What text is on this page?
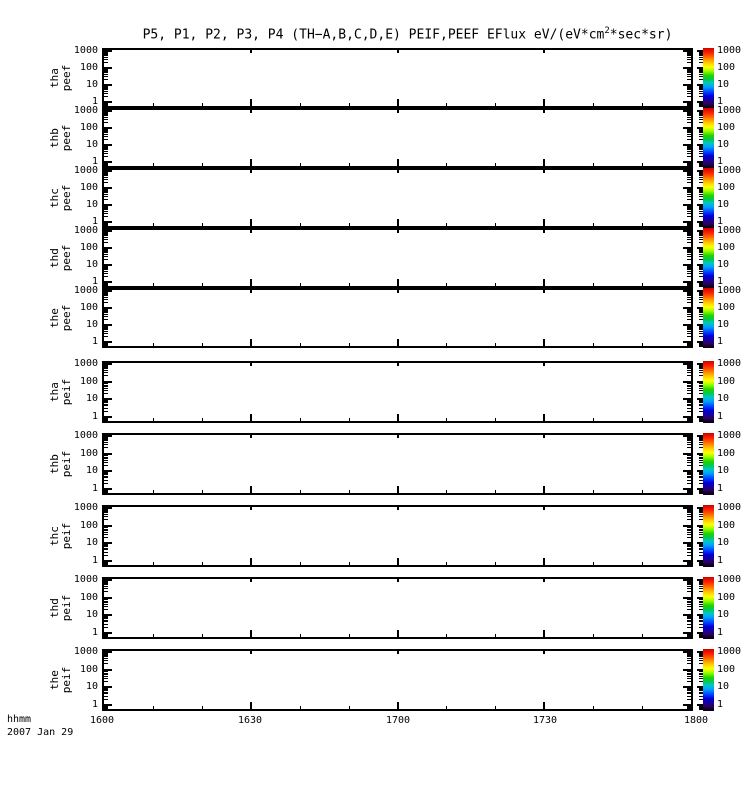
P5, P1, P2, P3, P4 (TH−A,B,C,D,E) PEIF,PEEF EFlux $eV/(eV*cm^2*\sec*sr)$
tha peef
1000
100
10
1
1000
100
10
1
thb peef
1000
100
10
1
1000
100
10
1
thc peef
1000
100
10
1
1000
100
10
1
thd peef
1000
100
10
1
1000
100
10
1
the peef
1000
100
10
1
1000
100
10
1
tha peif
1000
100
10
1
1000
100
10
1
thb peif
1000
100
10
1
1000
100
10
1
thc peif
1000
100
10
1
1000
100
10
1
thd peif
1000
100
10
1
1000
100
10
1
the peif
1000
100
10
1
1000
100
10
1
hhmm
2007 Jan 29
1600	1630	1700	1730	1800
